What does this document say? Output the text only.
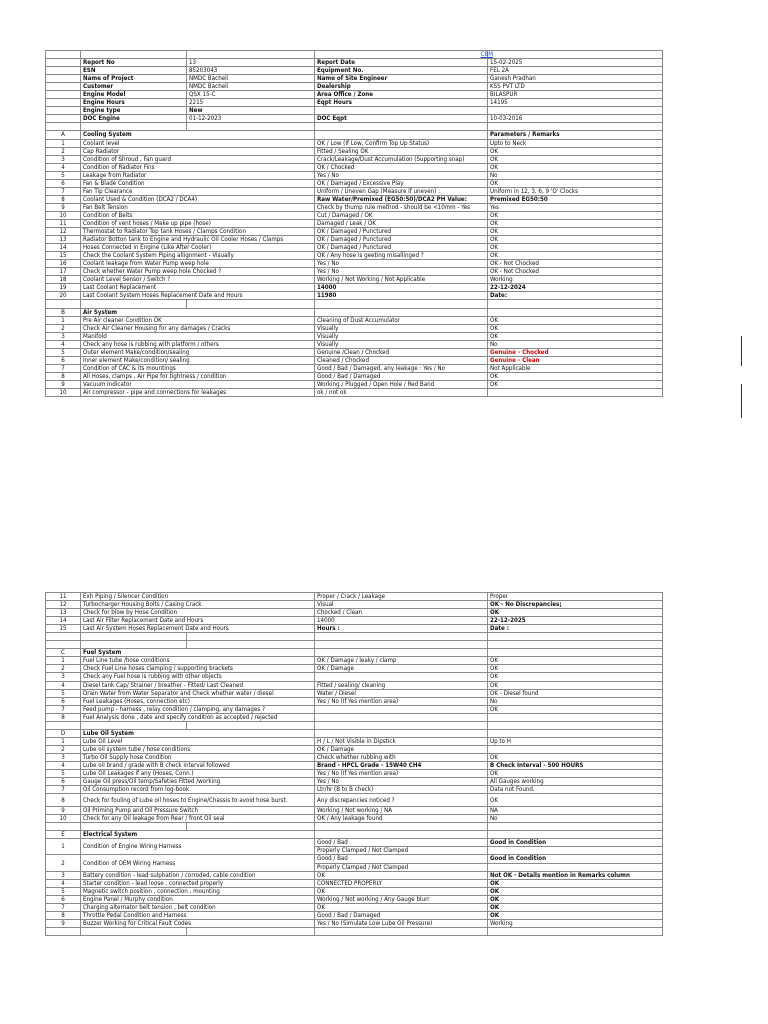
			CBM	
	Report No	13	Report Date	15-02-2025
	ESN	85203043	Equipment No.	FEL 2A
	Name of Project	NMDC Bacheli	Name of Site Engineer	Ganesh Pradhan
	Customer	NMDC Bacheli	Dealership	KSS PVT LTD
	Engine Model	QSX 15-C	Area Office / Zone	BILASPUR
	Engine Hours	2215	Eqpt Hours	14195
	Engine type	New		
	DOC Engine	01-12-2023	DOC Eqpt	10-03-2016

A	Cooling System			Parameters / Remarks
1	Coolant level		OK / Low (If Low, Confirm Top Up Status)	Upto to Neck
2	Cap Radiator		Fitted / Sealing OK	OK
3	Condition of Shroud , Fan guard		Crack/Leakage/Dust Accumulation (Supporting snap)	OK
4	Condition of Radiator Fins		OK / Chocked	OK
5	Leakage from Radiator		Yes / No	No
6	Fan & Blade Condition		OK / Damaged / Excessive Play	OK
7	Fan Tip Clearance		Uniform / Uneven Gap (Measure if uneven) :	Uniform in 12, 3, 6, 9 'O' Clocks
8	Coolant Used & Condition (DCA2 / DCA4)		Raw Water/Premixed (EG50:50)/DCA2 PH Value:	Premixed EG50:50
9	Fan Belt Tension		Check by thump rule method - should be <10mm - Yes	Yes
10	Condition of Belts		Cut / Damaged / OK	OK
11	Condition of vent hoses / Make up pipe (hose)		Damaged / Leak / OK	OK
12	Thermostat to Radiator Top tank Hoses / Clamps Condition		OK / Damaged / Punctured	OK
13	Radiator Botton tank to Engine and Hydraulic Oil Cooler Hoses / Clamps		OK / Damaged / Punctured	OK
14	Hoses Connected in Engine (Like After Cooler)		OK / Damaged / Punctured	OK
15	Check the Coolant System Piping allignment - Visually		OK / Any hose is geeting misallinged ?	OK
16	Coolant leakage from Water Pump weep hole		Yes / No	OK - Not Chocked
17	Check whether Water Pump weep hole Chocked ?		Yes / No	OK - Not Chocked
18	Coolant Level Sensor / Switch ?		Working / Not Working / Not Applicable	Working
19	Last Coolant Replacement		14000	22-12-2024
20	Last Coolant System Hoses Replacement Date and Hours		11980	Date:

B	Air System			
1	Pre Air cleaner Condition OK		Cleaning of Dust Accumulator	OK
2	Check Air Cleaner Housing for any damages / Cracks		Visually	OK
3	Manifold		Visually	OK
4	Check any hose is rubbing with platform / others		Visually	No
5	Outer element Make/condition/sealing		Genuine /Clean / Chocked	Genuine - Chocked
6	Inner element Make/condition/ sealing		Cleaned / Chocked	Genuine - Clean
7	Condition of CAC & its mountings		Good / Bad / Damaged, any leakage : Yes / No	Not Applicable
8	All Hoses, clamps , Air Pipe for tightness / condition		Good / Bad / Damaged	OK
9	Vacuum Indicator		Working / Plugged / Open Hole / Red Band	OK
10	Air compressor - pipe and connections for leakages		ok / not ok	
11	Exh Piping / Silencer Condition		Proper / Crack / Leakage	Proper
12	Turbocharger Housing Bolts / Casing Crack		Visual	OK - No Discrepancies;
13	Check for blow by Hose Condition		Chocked / Clean	OK
14	Last Air Filter Replacement Date and Hours		14000	22-12-2025
15	Last Air System Hoses Replacement Date and Hours		Hours :	Date :

C	Fuel System			
1	Fuel Line tube /hose conditions		OK / Damage / leaky / clamp	OK
2	Check Fuel Line hoses clamping / supporting brackets		OK / Damage	OK
3	Check any Fuel hose is rubbing with other objects			OK
4	Diesel tank Cap/ Strainer / breather - Fitted/ Last Cleaned		Fitted / sealing/ cleaning	OK
5	Drain Water from Water Separator and Check whether water / diesel		Water / Diesel	OK - Diesel found
6	Fuel Leakages (Hoses, connection etc)		Yes / No (If Yes mention area)	No
7	Feed pump - harness , relay condition / clamping, any damages ?			OK
8	Fuel Analysis done , date and specify condition as accepted / rejected			

D	Lube Oil System			
1	Lube Oil Level		H / L / Not Visible in Dipstick	Up to H
2	Lube oil system tube / hose conditions		OK / Damage	
3	Turbo Oil Supply hose Condition		Check whether rubbing with	OK
4	Lube oil brand / grade with B check interval followed		Brand - HPCL Grade - 15W40 CH4	B Check Interval - 500 HOURS
5	Lube Oil Leakages if any (Hoses, Conn.)		Yes / No (If Yes mention area)	OK
6	Gauge Oil press/Oil temp/Safeties Fitted /working		Yes / No	All Gauges working
7	Oil Consumption record from log-book		Ltr/hr (B to B check)	Data not Found.
8	Check for fouling of Lube oil hoses to Engine/Chassis to avoid hose burst.		Any discrepancies noticed ?	OK
9	Oil Priming Pump and Oil Pressure Switch		Working / Not working / NA	NA
10	Check for any Oil leakage from Rear / front Oil seal		OK / Any leakage found	No

E	Electrical System			
1	Condition of Engine Wiring Harness		Good / Bad	Good in Condition
			Properly Clamped / Not Clamped	
2	Condition of OEM Wiring Harness		Good / Bad	Good in Condition
			Properly Clamped / Not Clamped	
3	Battery condition - lead sulphation / corroded, cable condition		OK	Not OK - Details mention in Remarks column
4	Starter condition - lead loose , connected properly		CONNECTED PROPERLY	OK
5	Magnetic switch position , connection , mounting		OK	OK
6	Engine Panel / Murphy condition		Working / Not working / Any Gauge blurr	OK
7	Charging alternator belt tension , belt condition		OK	OK
8	Throttle Pedal Condition and Harness		Good / Bad / Damaged	OK
9	Buzzer Working for Critical Fault Codes		Yes / No (Simulate Low Lube Oil Pressure)	Working
